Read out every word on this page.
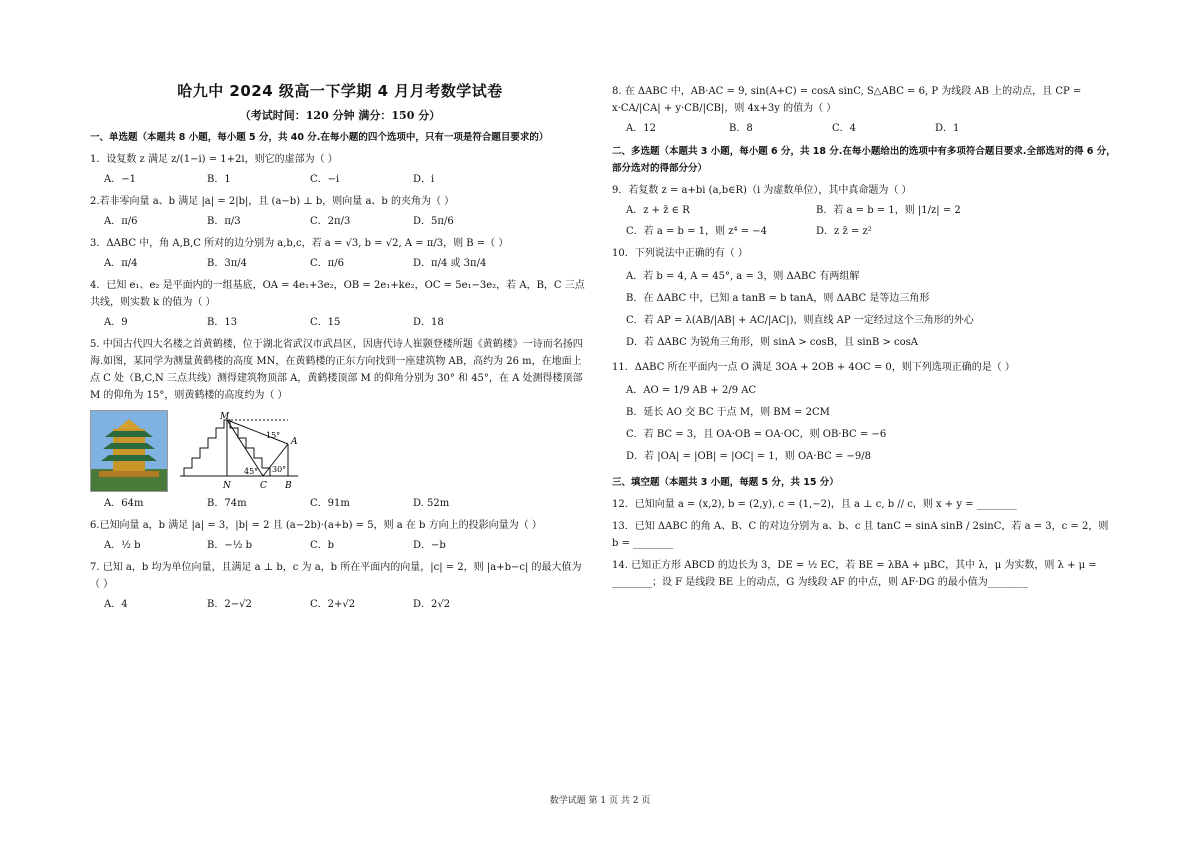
哈九中 2024 级高一下学期 4 月月考数学试卷
（考试时间：120 分钟 满分：150 分）
一、单选题（本题共 8 小题，每小题 5 分，共 40 分.在每小题的四个选项中，只有一项是符合题目要求的）
1．设复数 z 满足 z/(1−i) = 1+2i，则它的虚部为（ ）
A．−1	B．1	C．−i	D．i
2.若非零向量 a、b 满足 |a| = 2|b|，且 (a−b) ⊥ b，则向量 a、b 的夹角为（ ）
A．π/6	B．π/3	C．2π/3	D．5π/6
3．ΔABC 中，角 A,B,C 所对的边分别为 a,b,c，若 a = √3, b = √2, A = π/3，则 B =（ ）
A．π/4	B．3π/4	C．π/6	D．π/4 或 3π/4
4．已知 e₁、e₂ 是平面内的一组基底，OA = 4e₁+3e₂，OB = 2e₁+ke₂，OC = 5e₁−3e₂，若 A，B，C 三点共线，则实数 k 的值为（ ）
A．9	B．13	C．15	D．18
5. 中国古代四大名楼之首黄鹤楼，位于湖北省武汉市武昌区，因唐代诗人崔颢登楼所题《黄鹤楼》一诗而名扬四海.如图，某同学为测量黄鹤楼的高度 MN，在黄鹤楼的正东方向找到一座建筑物 AB，高约为 26 m，在地面上点 C 处（B,C,N 三点共线）测得建筑物顶部 A，黄鹤楼顶部 M 的仰角分别为 30° 和 45°，在 A 处测得楼顶部 M 的仰角为 15°，则黄鹤楼的高度约为（ ）
M
A
N	C B
15°
45° 30°
A．64m	B．74m	C．91m	D. 52m
6.已知向量 a，b 满足 |a| = 3，|b| = 2 且 (a−2b)·(a+b) = 5，则 a 在 b 方向上的投影向量为（ ）
A．½ b	B．−½ b	C．b	D．−b
7. 已知 a，b 均为单位向量，且满足 a ⊥ b，c 为 a，b 所在平面内的向量，|c| = 2，则 |a+b−c| 的最大值为（ ）
A．4	B．2−√2	C．2+√2	D．2√2
8. 在 ΔABC 中，AB·AC = 9, sin(A+C) = cosA sinC, S△ABC = 6, P 为线段 AB 上的动点，且 CP = x·CA/|CA| + y·CB/|CB|，则 4x+3y 的值为（ ）
A．12	B．8	C．4	D．1
二、多选题（本题共 3 小题，每小题 6 分，共 18 分.在每小题给出的选项中有多项符合题目要求.全部选对的得 6 分，部分选对的得部分分）
9．若复数 z = a+bi (a,b∈R)（i 为虚数单位），其中真命题为（ ）
A．z + z̄ ∈ R	B．若 a = b = 1，则 |1/z| = 2
C．若 a = b = 1，则 z⁴ = −4	D．z z̄ = z²
10．下列说法中正确的有（ ）
A．若 b = 4, A = 45°, a = 3，则 ΔABC 有两组解
B．在 ΔABC 中，已知 a tanB = b tanA，则 ΔABC 是等边三角形
C．若 AP = λ(AB/|AB| + AC/|AC|)，则直线 AP 一定经过这个三角形的外心
D．若 ΔABC 为锐角三角形，则 sinA > cosB，且 sinB > cosA
11．ΔABC 所在平面内一点 O 满足 3OA + 2OB + 4OC = 0，则下列选项正确的是（ ）
A．AO = 1/9 AB + 2/9 AC
B．延长 AO 交 BC 于点 M，则 BM = 2CM
C．若 BC = 3，且 OA·OB = OA·OC，则 OB·BC = −6
D．若 |OA| = |OB| = |OC| = 1，则 OA·BC = −9/8
三、填空题（本题共 3 小题，每题 5 分，共 15 分）
12．已知向量 a = (x,2), b = (2,y), c = (1,−2)，且 a ⊥ c, b // c，则 x + y = ________
13．已知 ΔABC 的角 A、B、C 的对边分别为 a、b、c 且 tanC = sinA sinB / 2sinC，若 a = 3，c = 2，则 b = ________
14. 已知正方形 ABCD 的边长为 3，DE = ½ EC，若 BE = λBA + μBC，其中 λ，μ 为实数，则 λ + μ = ________；设 F 是线段 BE 上的动点，G 为线段 AF 的中点，则 AF·DG 的最小值为________
数学试题 第 1 页 共 2 页
